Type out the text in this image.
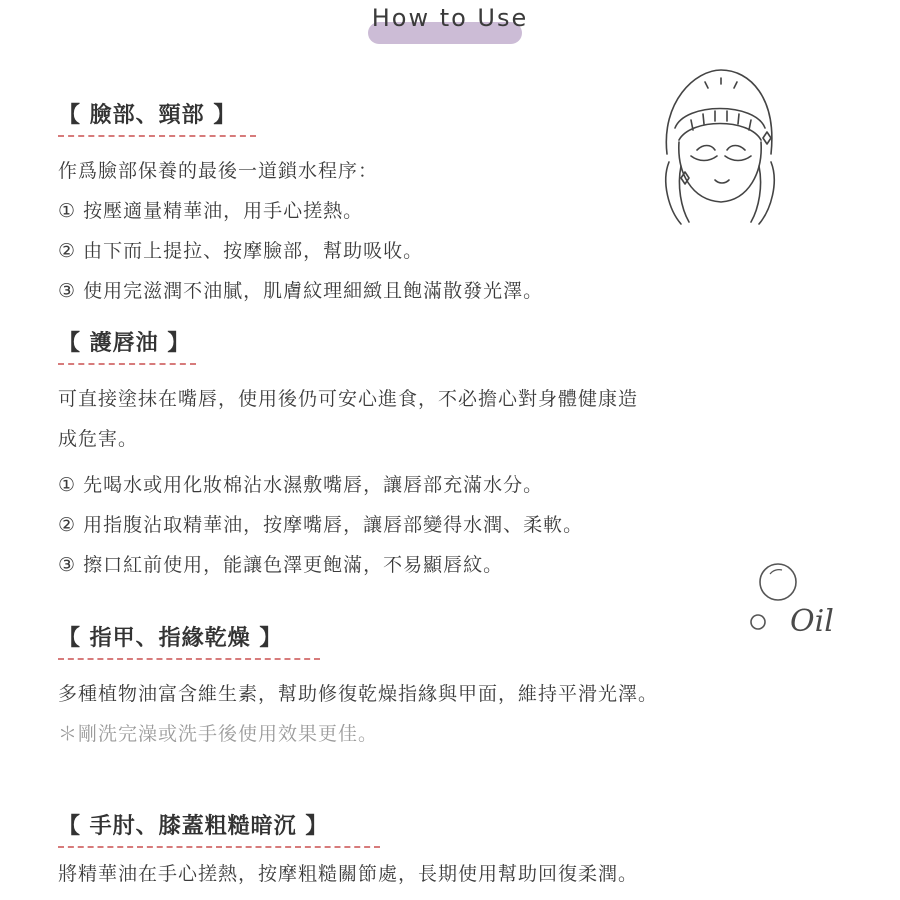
How to Use
Oil
【 臉部、頸部 】
作爲臉部保養的最後一道鎖水程序：
① 按壓適量精華油，用手心搓熱。
② 由下而上提拉、按摩臉部，幫助吸收。
③ 使用完滋潤不油膩，肌膚紋理細緻且飽滿散發光澤。
【 護唇油 】
可直接塗抹在嘴唇，使用後仍可安心進食，不必擔心對身體健康造
成危害。
① 先喝水或用化妝棉沾水濕敷嘴唇，讓唇部充滿水分。
② 用指腹沾取精華油，按摩嘴唇，讓唇部變得水潤、柔軟。
③ 擦口紅前使用，能讓色澤更飽滿，不易顯唇紋。
【 指甲、指緣乾燥 】
多種植物油富含維生素，幫助修復乾燥指緣與甲面，維持平滑光澤。
＊剛洗完澡或洗手後使用效果更佳。
【 手肘、膝蓋粗糙暗沉 】
將精華油在手心搓熱，按摩粗糙關節處，長期使用幫助回復柔潤。
